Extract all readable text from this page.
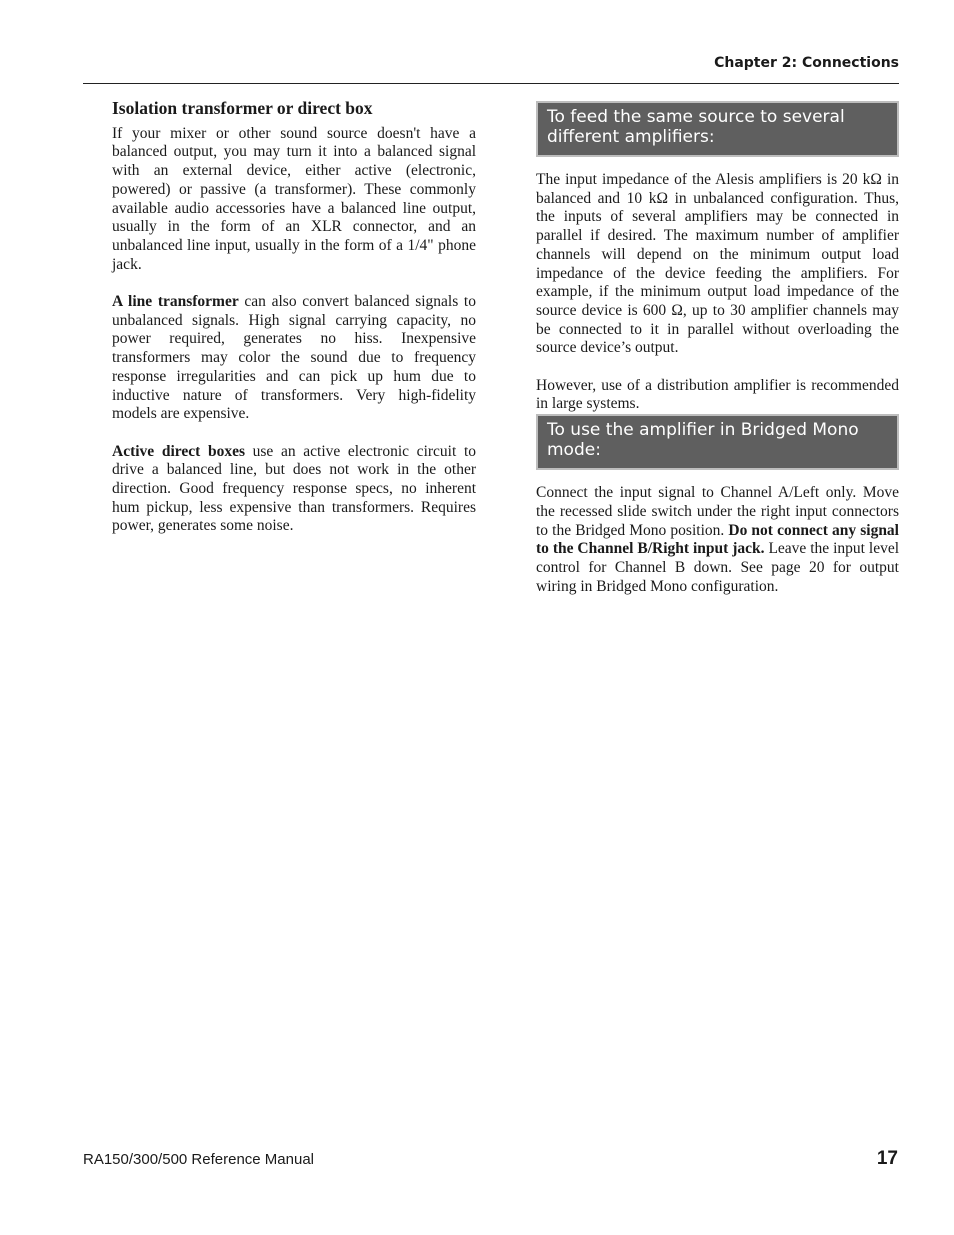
Chapter 2: Connections
Isolation transformer or direct box

If your mixer or other sound source doesn't have a balanced output, you may turn it into a balanced signal with an external device, either active (electronic, powered) or passive (a transformer). These commonly available audio accessories have a balanced line output, usually in the form of an XLR connector, and an unbalanced line input, usually in the form of a 1/4" phone jack.

A line transformer can also convert balanced signals to unbalanced signals. High signal carrying capacity, no power required, generates no hiss. Inexpensive transformers may color the sound due to frequency response irregularities and can pick up hum due to inductive nature of transformers. Very high-fidelity models are expensive.

Active direct boxes use an active electronic circuit to drive a balanced line, but does not work in the other direction. Good frequency response specs, no inherent hum pickup, less expensive than transformers. Requires power, generates some noise.

To feed the same source to several different amplifiers:

The input impedance of the Alesis amplifiers is 20 kΩ in balanced and 10 kΩ in unbalanced configuration. Thus, the inputs of several amplifiers may be connected in parallel if desired. The maximum number of amplifier channels will depend on the minimum output load impedance of the device feeding the amplifiers. For example, if the minimum output load impedance of the source device is 600 Ω, up to 30 amplifier channels may be connected to it in parallel without overloading the source device’s output.

However, use of a distribution amplifier is recommended in large systems.

To use the amplifier in Bridged Mono mode:

Connect the input signal to Channel A/Left only. Move the recessed slide switch under the right input connectors to the Bridged Mono position. Do not connect any signal to the Channel B/Right input jack. Leave the input level control for Channel B down. See page 20 for output wiring in Bridged Mono configuration.

RA150/300/500 Reference Manual	17
